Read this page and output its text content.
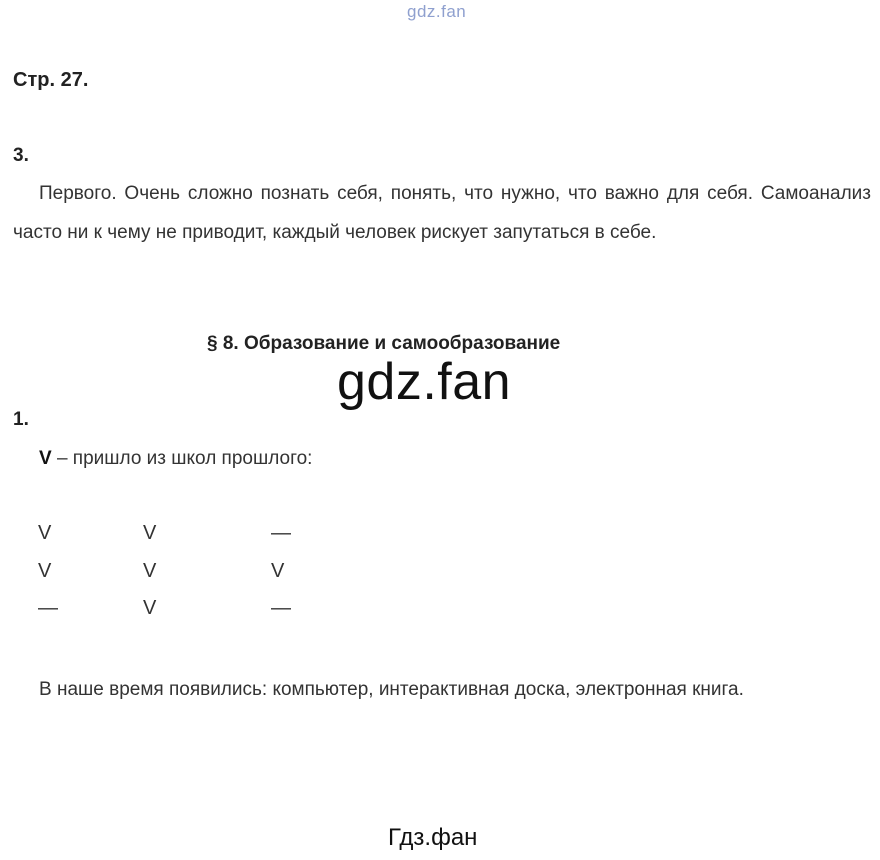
gdz.fan
Стр. 27.
3.
Первого. Очень сложно познать себя, понять, что нужно, что важно для себя. Самоанализ часто ни к чему не приводит, каждый человек рискует запутаться в себе.
§ 8. Образование и самообразование
gdz.fan
1.
V – пришло из школ прошлого:
V	V	—
V	V	V
—	V	—
В наше время появились: компьютер, интерактивная доска, электронная книга.
Гдз.фан
